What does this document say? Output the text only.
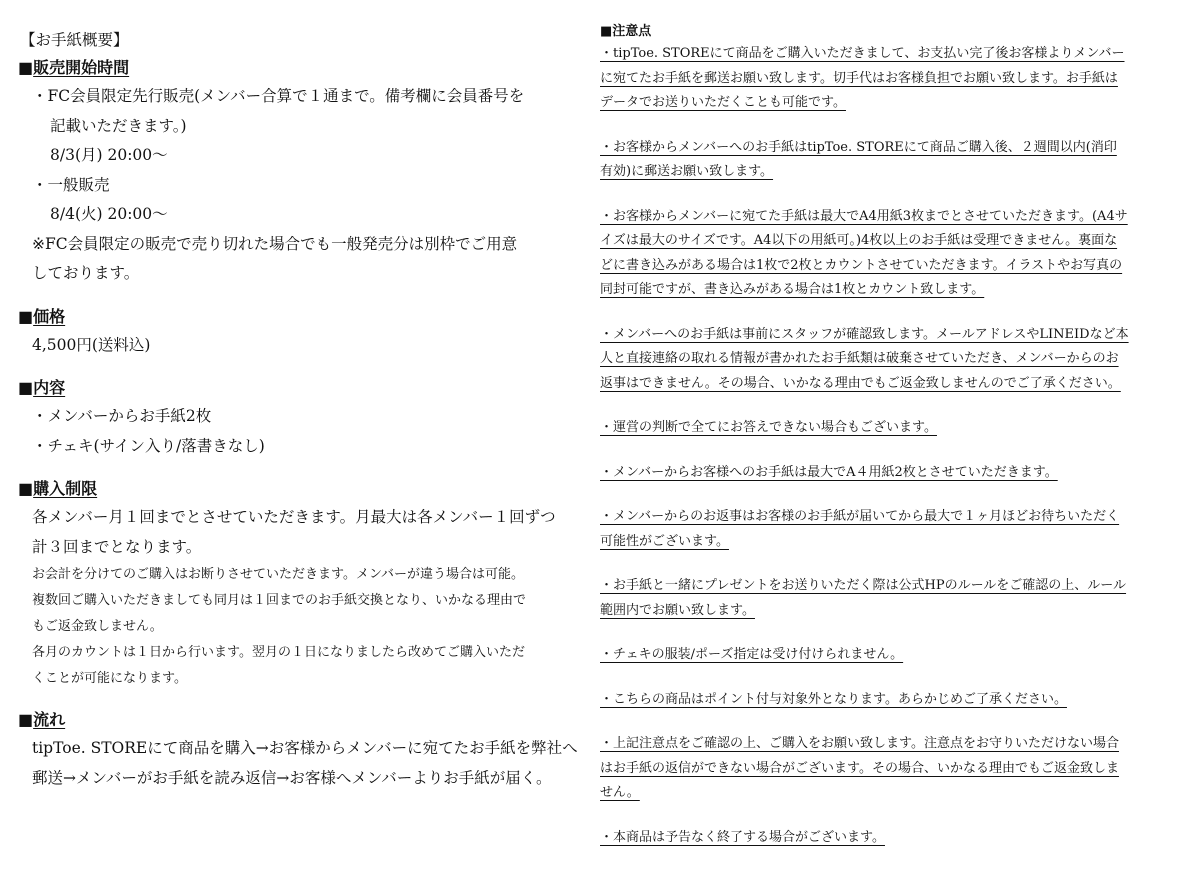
【お手紙概要】
■販売開始時間
・FC会員限定先行販売(メンバー合算で１通まで。備考欄に会員番号を
記載いただきます。)
8/3(月) 20:00〜
・一般販売
8/4(火) 20:00〜
※FC会員限定の販売で売り切れた場合でも一般発売分は別枠でご用意
しております。
■価格
4,500円(送料込)
■内容
・メンバーからお手紙2枚
・チェキ(サイン入り/落書きなし)
■購入制限
各メンバー月１回までとさせていただきます。月最大は各メンバー１回ずつ
計３回までとなります。
お会計を分けてのご購入はお断りさせていただきます。メンバーが違う場合は可能。
複数回ご購入いただきましても同月は１回までのお手紙交換となり、いかなる理由で
もご返金致しません。
各月のカウントは１日から行います。翌月の１日になりましたら改めてご購入いただ
くことが可能になります。
■流れ
tipToe. STOREにて商品を購入→お客様からメンバーに宛てたお手紙を弊社へ
郵送→メンバーがお手紙を読み返信→お客様へメンバーよりお手紙が届く。
■注意点
・tipToe. STOREにて商品をご購入いただきまして、お支払い完了後お客様よりメンバー
に宛てたお手紙を郵送お願い致します。切手代はお客様負担でお願い致します。お手紙は
データでお送りいただくことも可能です。
・お客様からメンバーへのお手紙はtipToe. STOREにて商品ご購入後、２週間以内(消印
有効)に郵送お願い致します。
・お客様からメンバーに宛てた手紙は最大でA4用紙3枚までとさせていただきます。(A4サ
イズは最大のサイズです。A4以下の用紙可。)4枚以上のお手紙は受理できません。裏面な
どに書き込みがある場合は1枚で2枚とカウントさせていただきます。イラストやお写真の
同封可能ですが、書き込みがある場合は1枚とカウント致します。
・メンバーへのお手紙は事前にスタッフが確認致します。メールアドレスやLINEIDなど本
人と直接連絡の取れる情報が書かれたお手紙類は破棄させていただき、メンバーからのお
返事はできません。その場合、いかなる理由でもご返金致しませんのでご了承ください。
・運営の判断で全てにお答えできない場合もございます。
・メンバーからお客様へのお手紙は最大でA４用紙2枚とさせていただきます。
・メンバーからのお返事はお客様のお手紙が届いてから最大で１ヶ月ほどお待ちいただく
可能性がございます。
・お手紙と一緒にプレゼントをお送りいただく際は公式HPのルールをご確認の上、ルール
範囲内でお願い致します。
・チェキの服装/ポーズ指定は受け付けられません。
・こちらの商品はポイント付与対象外となります。あらかじめご了承ください。
・上記注意点をご確認の上、ご購入をお願い致します。注意点をお守りいただけない場合
はお手紙の返信ができない場合がございます。その場合、いかなる理由でもご返金致しま
せん。
・本商品は予告なく終了する場合がございます。
